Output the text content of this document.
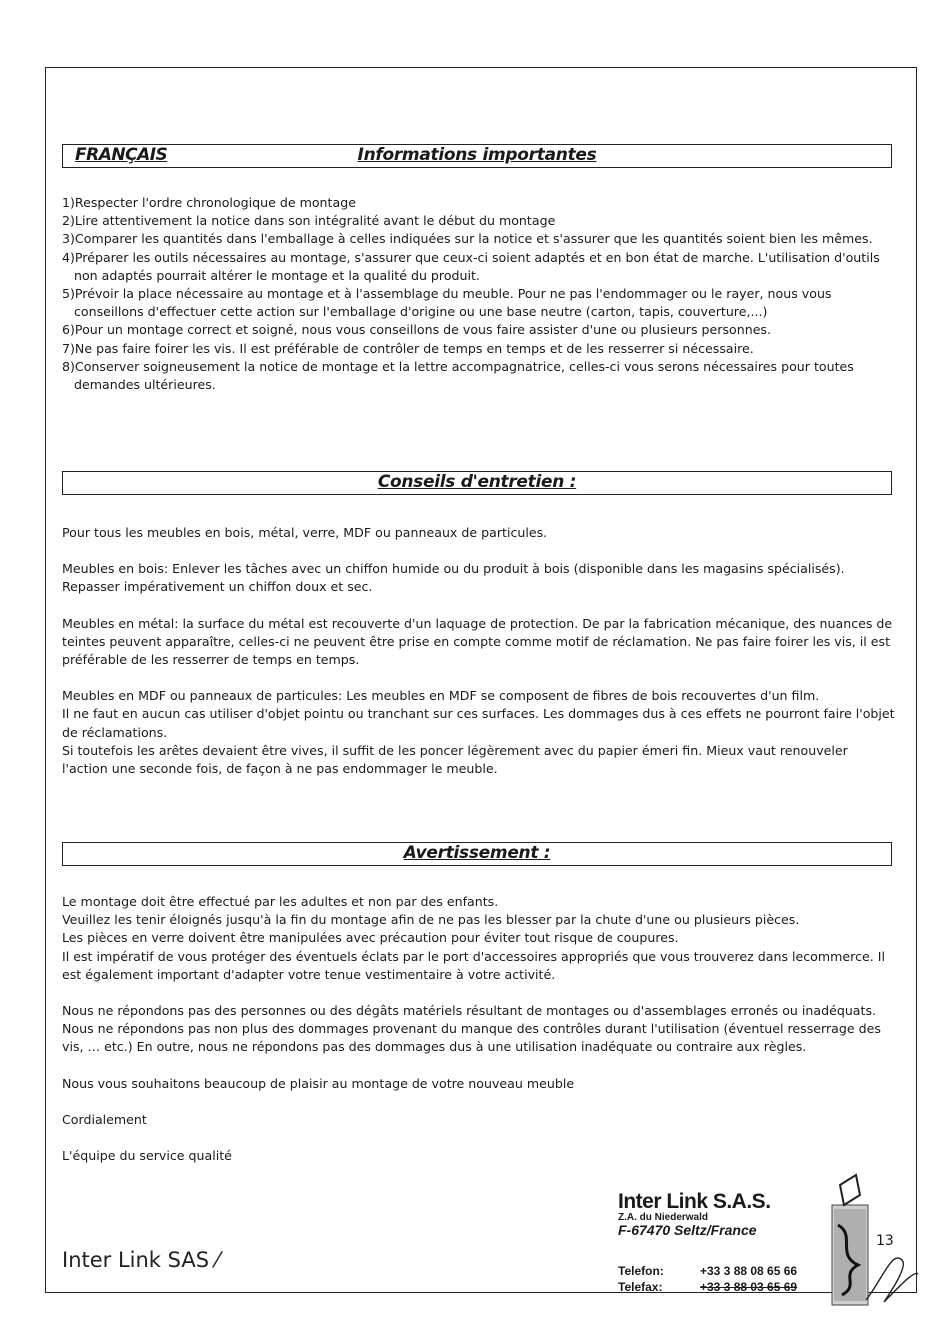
FRANÇAIS	Informations importantes
1)Respecter l'ordre chronologique de montage
2)Lire attentivement la notice dans son intégralité avant le début du montage
3)Comparer les quantités dans l'emballage à celles indiquées sur la notice et s'assurer que les quantités soient bien les mêmes.
4)Préparer les outils nécessaires au montage, s'assurer que ceux-ci soient adaptés et en bon état de marche. L'utilisation d'outils non adaptés pourrait altérer le montage et la qualité du produit.
5)Prévoir la place nécessaire au montage et à l'assemblage du meuble. Pour ne pas l'endommager ou le rayer, nous vous conseillons d'effectuer cette action sur l'emballage d'origine ou une base neutre (carton, tapis, couverture,...)
6)Pour un montage correct et soigné, nous vous conseillons de vous faire assister d'une ou plusieurs personnes.
7)Ne pas faire foirer les vis. Il est préférable de contrôler de temps en temps et de les resserrer si nécessaire.
8)Conserver soigneusement la notice de montage et la lettre accompagnatrice, celles-ci vous serons nécessaires pour toutes demandes ultérieures.
Conseils d'entretien :

Pour tous les meubles en bois, métal, verre, MDF ou panneaux de particules.

Meubles en bois: Enlever les tâches avec un chiffon humide ou du produit à bois (disponible dans les magasins spécialisés). Repasser impérativement un chiffon doux et sec.

Meubles en métal: la surface du métal est recouverte d'un laquage de protection. De par la fabrication mécanique, des nuances de teintes peuvent apparaître, celles-ci ne peuvent être prise en compte comme motif de réclamation. Ne pas faire foirer les vis, il est préférable de les resserrer de temps en temps.

Meubles en MDF ou panneaux de particules: Les meubles en MDF se composent de fibres de bois recouvertes d'un film.

Il ne faut en aucun cas utiliser d'objet pointu ou tranchant sur ces surfaces. Les dommages dus à ces effets ne pourront faire l'objet de réclamations.

Si toutefois les arêtes devaient être vives, il suffit de les poncer légèrement avec du papier émeri fin. Mieux vaut renouveler l'action une seconde fois, de façon à ne pas endommager le meuble.

Avertissement :

Le montage doit être effectué par les adultes et non par des enfants.

Veuillez les tenir éloignés jusqu'à la fin du montage afin de ne pas les blesser par la chute d'une ou plusieurs pièces.

Les pièces en verre doivent être manipulées avec précaution pour éviter tout risque de coupures.

Il est impératif de vous protéger des éventuels éclats par le port d'accessoires appropriés que vous trouverez dans lecommerce. Il est également important d'adapter votre tenue vestimentaire à votre activité.

Nous ne répondons pas des personnes ou des dégâts matériels résultant de montages ou d'assemblages erronés ou inadéquats. Nous ne répondons pas non plus des dommages provenant du manque des contrôles durant l'utilisation (éventuel resserrage des vis, … etc.) En outre, nous ne répondons pas des dommages dus à une utilisation inadéquate ou contraire aux règles.

Nous vous souhaitons beaucoup de plaisir au montage de votre nouveau meuble

Cordialement

L'équipe du service qualité

Inter Link SAS ⁄
Inter Link S.A.S.
Z.A. du Niederwald
F-67470 Seltz/France
Telefon:	+33 3 88 08 65 66
Telefax:	+33 3 88 03 65 69
13
